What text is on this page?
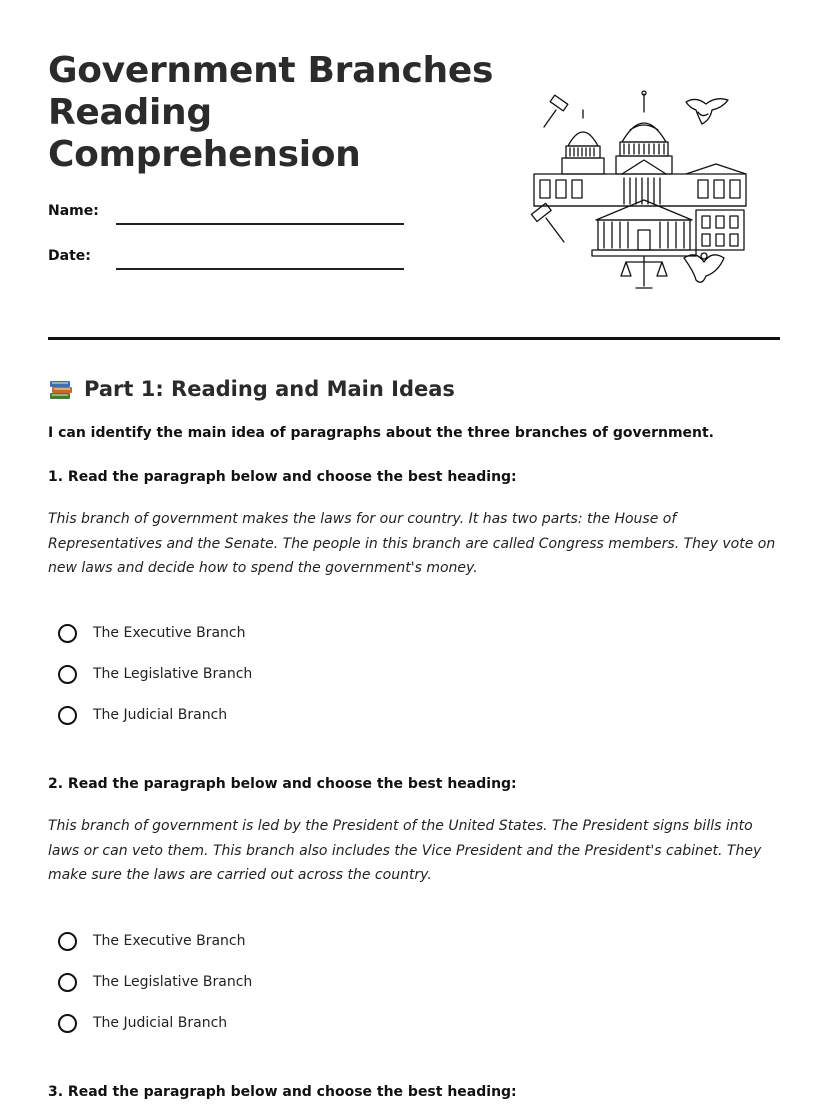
Government Branches
Reading
Comprehension
Name:
Date:
Part 1: Reading and Main Ideas
I can identify the main idea of paragraphs about the three branches of government.
1. Read the paragraph below and choose the best heading:

This branch of government makes the laws for our country. It has two parts: the House of Representatives and the Senate. The people in this branch are called Congress members. They vote on new laws and decide how to spend the government's money.

The Executive Branch
The Legislative Branch
The Judicial Branch
2. Read the paragraph below and choose the best heading:

This branch of government is led by the President of the United States. The President signs bills into laws or can veto them. This branch also includes the Vice President and the President's cabinet. They make sure the laws are carried out across the country.

The Executive Branch
The Legislative Branch
The Judicial Branch
3. Read the paragraph below and choose the best heading:
